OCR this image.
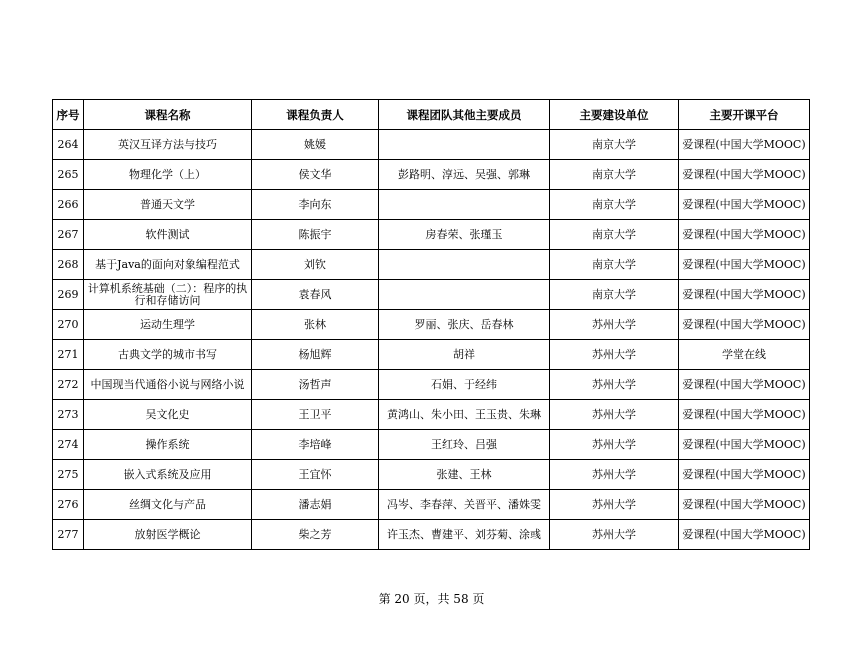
序号	课程名称	课程负责人	课程团队其他主要成员	主要建设单位	主要开课平台
264	英汉互译方法与技巧	姚媛		南京大学	爱课程(中国大学MOOC)
265	物理化学（上）	侯文华	彭路明、淳远、吴强、郭琳	南京大学	爱课程(中国大学MOOC)
266	普通天文学	李向东		南京大学	爱课程(中国大学MOOC)
267	软件测试	陈振宇	房春荣、张瑾玉	南京大学	爱课程(中国大学MOOC)
268	基于Java的面向对象编程范式	刘钦		南京大学	爱课程(中国大学MOOC)
269	计算机系统基础（二）：程序的执行和存储访问	袁春风		南京大学	爱课程(中国大学MOOC)
270	运动生理学	张林	罗丽、张庆、岳春林	苏州大学	爱课程(中国大学MOOC)
271	古典文学的城市书写	杨旭辉	胡祥	苏州大学	学堂在线
272	中国现当代通俗小说与网络小说	汤哲声	石娟、于经纬	苏州大学	爱课程(中国大学MOOC)
273	吴文化史	王卫平	黄鸿山、朱小田、王玉贵、朱琳	苏州大学	爱课程(中国大学MOOC)
274	操作系统	李培峰	王红玲、吕强	苏州大学	爱课程(中国大学MOOC)
275	嵌入式系统及应用	王宜怀	张建、王林	苏州大学	爱课程(中国大学MOOC)
276	丝绸文化与产品	潘志娟	冯岑、李春萍、关晋平、潘姝雯	苏州大学	爱课程(中国大学MOOC)
277	放射医学概论	柴之芳	许玉杰、曹建平、刘芬菊、涂彧	苏州大学	爱课程(中国大学MOOC)
第 20 页，共 58 页
